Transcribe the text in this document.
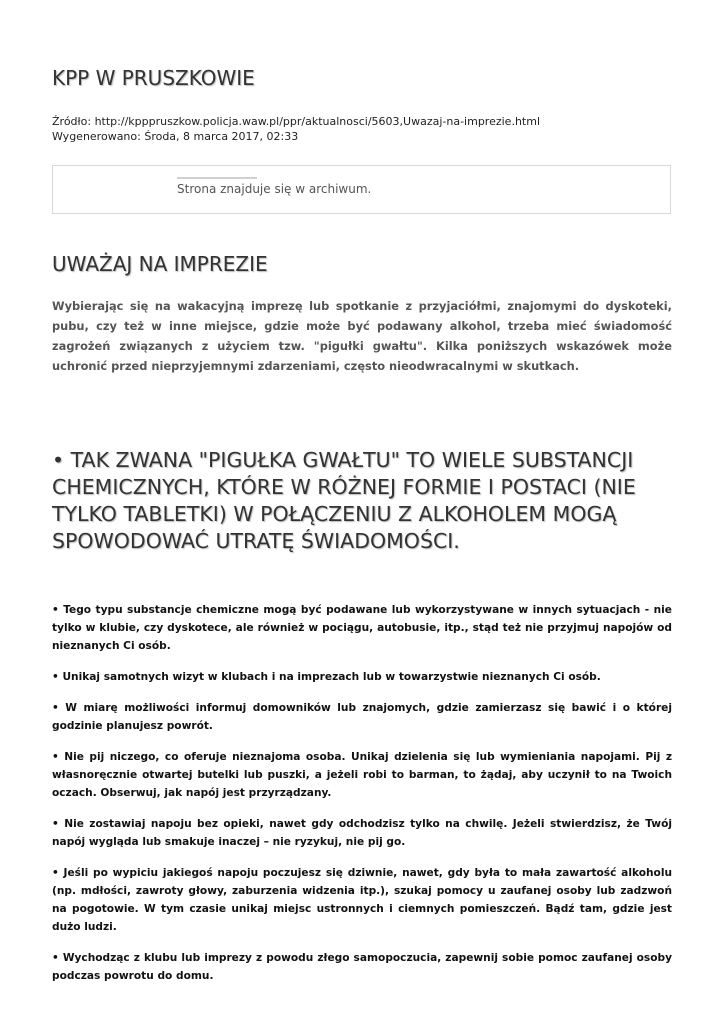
KPP W PRUSZKOWIE
Źródło: http://kpppruszkow.policja.waw.pl/ppr/aktualnosci/5603,Uwazaj-na-imprezie.html
Wygenerowano: Środa, 8 marca 2017, 02:33
Strona znajduje się w archiwum.
UWAŻAJ NA IMPREZIE

Wybierając się na wakacyjną imprezę lub spotkanie z przyjaciółmi, znajomymi do dyskoteki, pubu, czy też w inne miejsce, gdzie może być podawany alkohol, trzeba mieć świadomość zagrożeń związanych z użyciem tzw. "pigułki gwałtu". Kilka poniższych wskazówek może uchronić przed nieprzyjemnymi zdarzeniami, często nieodwracalnymi w skutkach.

• TAK ZWANA "PIGUŁKA GWAŁTU" TO WIELE SUBSTANCJI CHEMICZNYCH, KTÓRE W RÓŻNEJ FORMIE I POSTACI (NIE TYLKO TABLETKI) W POŁĄCZENIU Z ALKOHOLEM MOGĄ SPOWODOWAĆ UTRATĘ ŚWIADOMOŚCI.
• Tego typu substancje chemiczne mogą być podawane lub wykorzystywane w innych sytuacjach - nie tylko w klubie, czy dyskotece, ale również w pociągu, autobusie, itp., stąd też nie przyjmuj napojów od nieznanych Ci osób.
• Unikaj samotnych wizyt w klubach i na imprezach lub w towarzystwie nieznanych Ci osób.
• W miarę możliwości informuj domowników lub znajomych, gdzie zamierzasz się bawić i o której godzinie planujesz powrót.
• Nie pij niczego, co oferuje nieznajoma osoba. Unikaj dzielenia się lub wymieniania napojami. Pij z własnoręcznie otwartej butelki lub puszki, a jeżeli robi to barman, to żądaj, aby uczynił to na Twoich oczach. Obserwuj, jak napój jest przyrządzany.
• Nie zostawiaj napoju bez opieki, nawet gdy odchodzisz tylko na chwilę. Jeżeli stwierdzisz, że Twój napój wygląda lub smakuje inaczej – nie ryzykuj, nie pij go.
• Jeśli po wypiciu jakiegoś napoju poczujesz się dziwnie, nawet, gdy była to mała zawartość alkoholu (np. mdłości, zawroty głowy, zaburzenia widzenia itp.), szukaj pomocy u zaufanej osoby lub zadzwoń na pogotowie. W tym czasie unikaj miejsc ustronnych i ciemnych pomieszczeń. Bądź tam, gdzie jest dużo ludzi.
• Wychodząc z klubu lub imprezy z powodu złego samopoczucia, zapewnij sobie pomoc zaufanej osoby podczas powrotu do domu.
